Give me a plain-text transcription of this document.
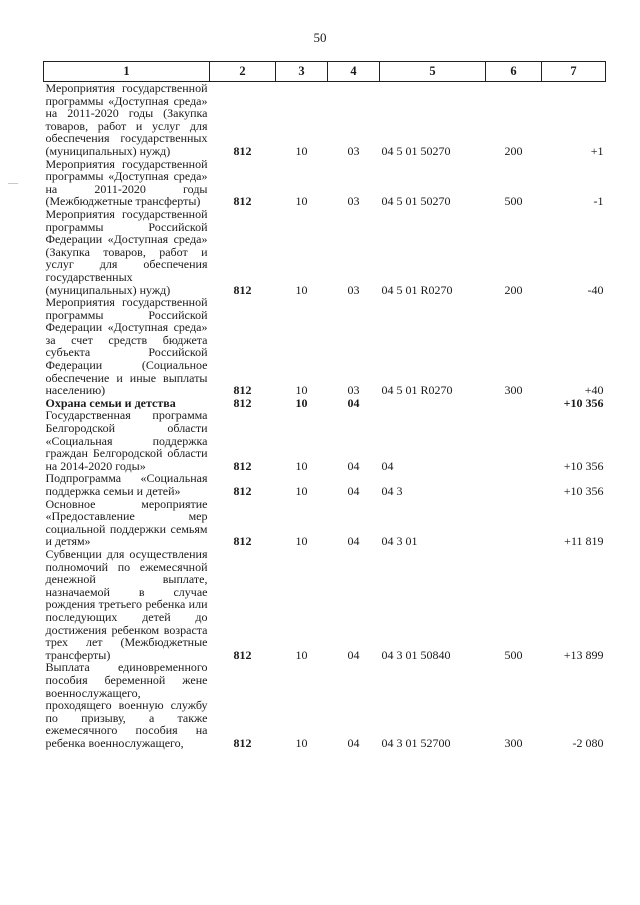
50
1	2	3	4	5	6	7
Мероприятия государственной программы «Доступная среда» на 2011-2020 годы (Закупка товаров, работ и услуг для обеспечения государственных (муниципальных) нужд)	812	10	03	04 5 01 50270	200	+1
Мероприятия государственной программы «Доступная среда» на 2011-2020 годы (Межбюджетные трансферты)	812	10	03	04 5 01 50270	500	-1
Мероприятия государственной программы Российской Федерации «Доступная среда» (Закупка товаров, работ и услуг для обеспечения государственных (муниципальных) нужд)	812	10	03	04 5 01 R0270	200	-40
Мероприятия государственной программы Российской Федерации «Доступная среда» за счет средств бюджета субъекта Российской Федерации (Социальное обеспечение и иные выплаты населению)	812	10	03	04 5 01 R0270	300	+40
Охрана семьи и детства	812	10	04			+10 356
Государственная программа Белгородской области «Социальная поддержка граждан Белгородской области на 2014-2020 годы»	812	10	04	04		+10 356
Подпрограмма «Социальная поддержка семьи и детей»	812	10	04	04 3		+10 356
Основное мероприятие «Предоставление мер социальной поддержки семьям и детям»	812	10	04	04 3 01		+11 819
Субвенции для осуществления полномочий по ежемесячной денежной выплате, назначаемой в случае рождения третьего ребенка или последующих детей до достижения ребенком возраста трех лет (Межбюджетные трансферты)	812	10	04	04 3 01 50840	500	+13 899
Выплата единовременного пособия беременной жене военнослужащего, проходящего военную службу по призыву, а также ежемесячного пособия на ребенка военнослужащего,	812	10	04	04 3 01 52700	300	-2 080
—
